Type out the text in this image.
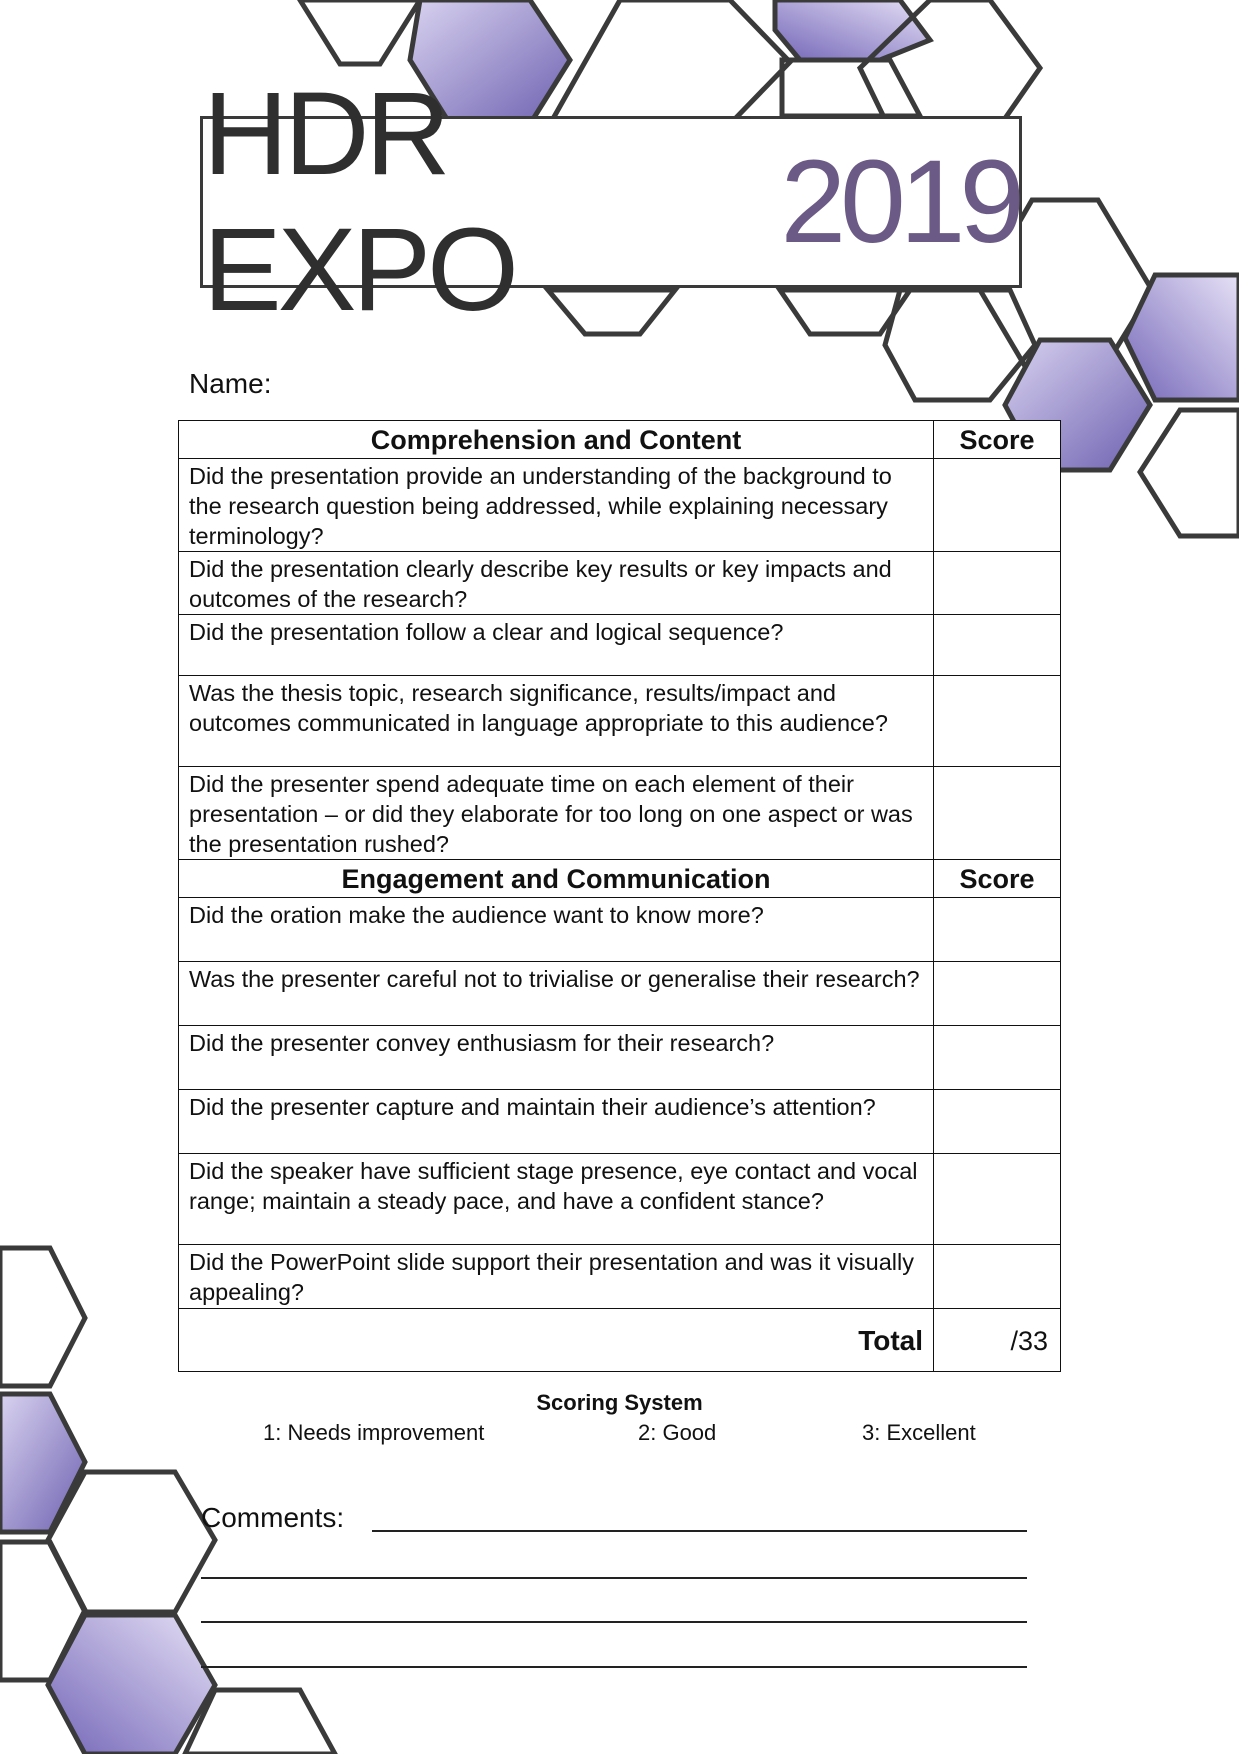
HDR EXPO
2019
Name:
Comprehension and Content	Score
Did the presentation provide an understanding of the background to the research question being addressed, while explaining necessary terminology?	
Did the presentation clearly describe key results or key impacts and outcomes of the research?	
Did the presentation follow a clear and logical sequence?	
Was the thesis topic, research significance, results/impact and outcomes communicated in language appropriate to this audience?	
Did the presenter spend adequate time on each element of their presentation – or did they elaborate for too long on one aspect or was the presentation rushed?	
Engagement and Communication	Score
Did the oration make the audience want to know more?	
Was the presenter careful not to trivialise or generalise their research?	
Did the presenter convey enthusiasm for their research?	
Did the presenter capture and maintain their audience’s attention?	
Did the speaker have sufficient stage presence, eye contact and vocal range; maintain a steady pace, and have a confident stance?	
Did the PowerPoint slide support their presentation and was it visually appealing?	
Total	/33
Scoring System
1: Needs improvement	2: Good	3: Excellent
Comments:
